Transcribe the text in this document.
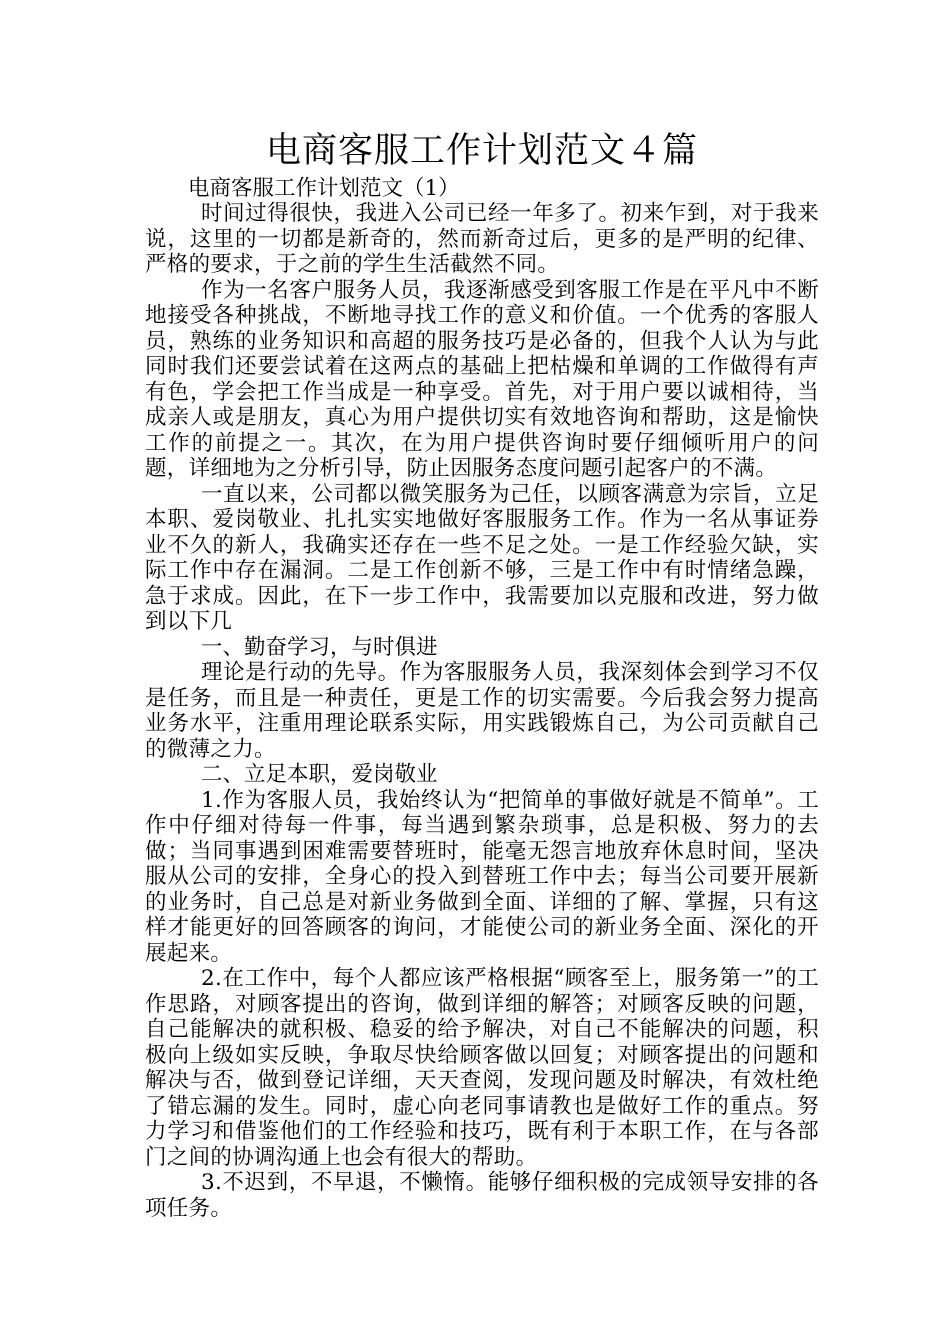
电商客服工作计划范文４篇

电商客服工作计划范文（1）

时间过得很快，我进入公司已经一年多了。初来乍到，对于我来说，这里的一切都是新奇的，然而新奇过后，更多的是严明的纪律、严格的要求，于之前的学生生活截然不同。

作为一名客户服务人员，我逐渐感受到客服工作是在平凡中不断地接受各种挑战，不断地寻找工作的意义和价值。一个优秀的客服人员，熟练的业务知识和高超的服务技巧是必备的，但我个人认为与此同时我们还要尝试着在这两点的基础上把枯燥和单调的工作做得有声有色，学会把工作当成是一种享受。首先，对于用户要以诚相待，当成亲人或是朋友，真心为用户提供切实有效地咨询和帮助，这是愉快工作的前提之一。其次，在为用户提供咨询时要仔细倾听用户的问题，详细地为之分析引导，防止因服务态度问题引起客户的不满。

一直以来，公司都以微笑服务为己任，以顾客满意为宗旨，立足本职、爱岗敬业、扎扎实实地做好客服服务工作。作为一名从事证券业不久的新人，我确实还存在一些不足之处。一是工作经验欠缺，实际工作中存在漏洞。二是工作创新不够，三是工作中有时情绪急躁，急于求成。因此，在下一步工作中，我需要加以克服和改进，努力做到以下几

一、勤奋学习，与时俱进

理论是行动的先导。作为客服服务人员，我深刻体会到学习不仅是任务，而且是一种责任，更是工作的切实需要。今后我会努力提高业务水平，注重用理论联系实际，用实践锻炼自己，为公司贡献自己的微薄之力。

二、立足本职，爱岗敬业

1.作为客服人员，我始终认为“把简单的事做好就是不简单”。工作中仔细对待每一件事，每当遇到繁杂琐事，总是积极、努力的去做；当同事遇到困难需要替班时，能毫无怨言地放弃休息时间，坚决服从公司的安排，全身心的投入到替班工作中去；每当公司要开展新的业务时，自己总是对新业务做到全面、详细的了解、掌握，只有这样才能更好的回答顾客的询问，才能使公司的新业务全面、深化的开展起来。

2.在工作中，每个人都应该严格根据“顾客至上，服务第一”的工作思路，对顾客提出的咨询，做到详细的解答；对顾客反映的问题，自己能解决的就积极、稳妥的给予解决，对自己不能解决的问题，积极向上级如实反映，争取尽快给顾客做以回复；对顾客提出的问题和解决与否，做到登记详细，天天查阅，发现问题及时解决，有效杜绝了错忘漏的发生。同时，虚心向老同事请教也是做好工作的重点。努力学习和借鉴他们的工作经验和技巧，既有利于本职工作，在与各部门之间的协调沟通上也会有很大的帮助。

3.不迟到，不早退，不懒惰。能够仔细积极的完成领导安排的各项任务。
